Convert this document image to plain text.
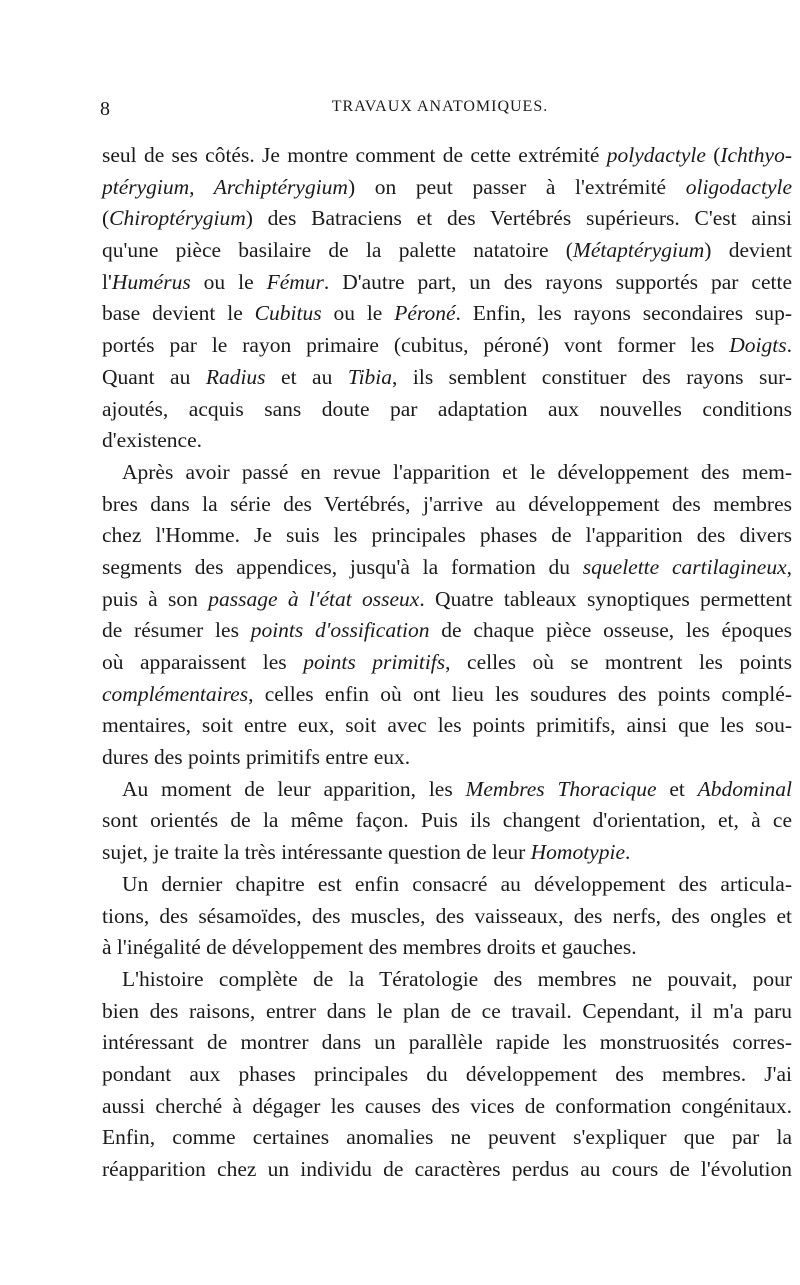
8	TRAVAUX ANATOMIQUES.
seul de ses côtés. Je montre comment de cette extrémité polydactyle (Ichthyo-
ptérygium, Archiptérygium) on peut passer à l'extrémité oligodactyle
(Chiroptérygium) des Batraciens et des Vertébrés supérieurs. C'est ainsi
qu'une pièce basilaire de la palette natatoire (Métaptérygium) devient
l'Humérus ou le Fémur. D'autre part, un des rayons supportés par cette
base devient le Cubitus ou le Péroné. Enfin, les rayons secondaires sup-
portés par le rayon primaire (cubitus, péroné) vont former les Doigts.
Quant au Radius et au Tibia, ils semblent constituer des rayons sur-
ajoutés, acquis sans doute par adaptation aux nouvelles conditions
d'existence.
Après avoir passé en revue l'apparition et le développement des mem-
bres dans la série des Vertébrés, j'arrive au développement des membres
chez l'Homme. Je suis les principales phases de l'apparition des divers
segments des appendices, jusqu'à la formation du squelette cartilagineux,
puis à son passage à l'état osseux. Quatre tableaux synoptiques permettent
de résumer les points d'ossification de chaque pièce osseuse, les époques
où apparaissent les points primitifs, celles où se montrent les points
complémentaires, celles enfin où ont lieu les soudures des points complé-
mentaires, soit entre eux, soit avec les points primitifs, ainsi que les sou-
dures des points primitifs entre eux.
Au moment de leur apparition, les Membres Thoracique et Abdominal
sont orientés de la même façon. Puis ils changent d'orientation, et, à ce
sujet, je traite la très intéressante question de leur Homotypie.
Un dernier chapitre est enfin consacré au développement des articula-
tions, des sésamoïdes, des muscles, des vaisseaux, des nerfs, des ongles et
à l'inégalité de développement des membres droits et gauches.
L'histoire complète de la Tératologie des membres ne pouvait, pour
bien des raisons, entrer dans le plan de ce travail. Cependant, il m'a paru
intéressant de montrer dans un parallèle rapide les monstruosités corres-
pondant aux phases principales du développement des membres. J'ai
aussi cherché à dégager les causes des vices de conformation congénitaux.
Enfin, comme certaines anomalies ne peuvent s'expliquer que par la
réapparition chez un individu de caractères perdus au cours de l'évolution
